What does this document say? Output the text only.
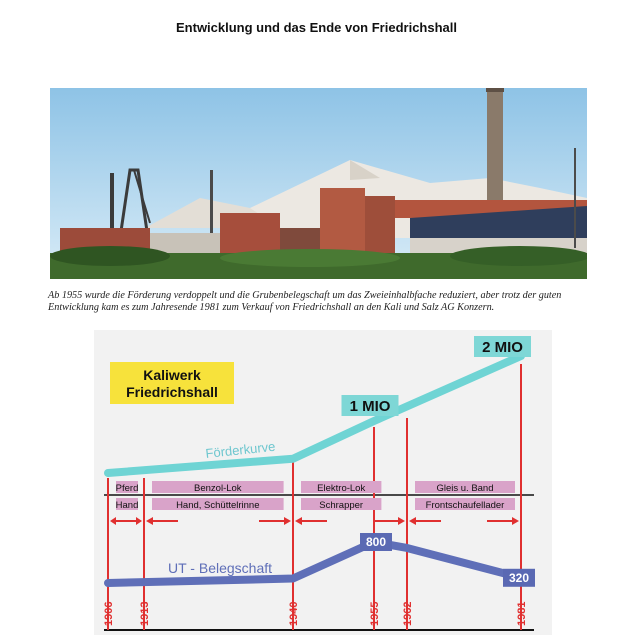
Entwicklung und das Ende von Friedrichshall
Ab 1955 wurde die Förderung verdoppelt und die Grubenbelegschaft um das Zweieinhalbfache reduziert, aber trotz der guten Entwicklung kam es zum Jahresende 1981 zum Verkauf von Friedrichshall an den Kali und Salz AG Konzern.
Kaliwerk
Friedrichshall
Pferd
Hand
Benzol-Lok
Hand, Schüttelrinne
Elektro-Lok
Schrapper
Gleis u. Band
Frontschaufellader
Förderkurve
UT - Belegschaft
1 MIO
2 MIO
800
320
1906 1913	1940	1955 1962	1981
